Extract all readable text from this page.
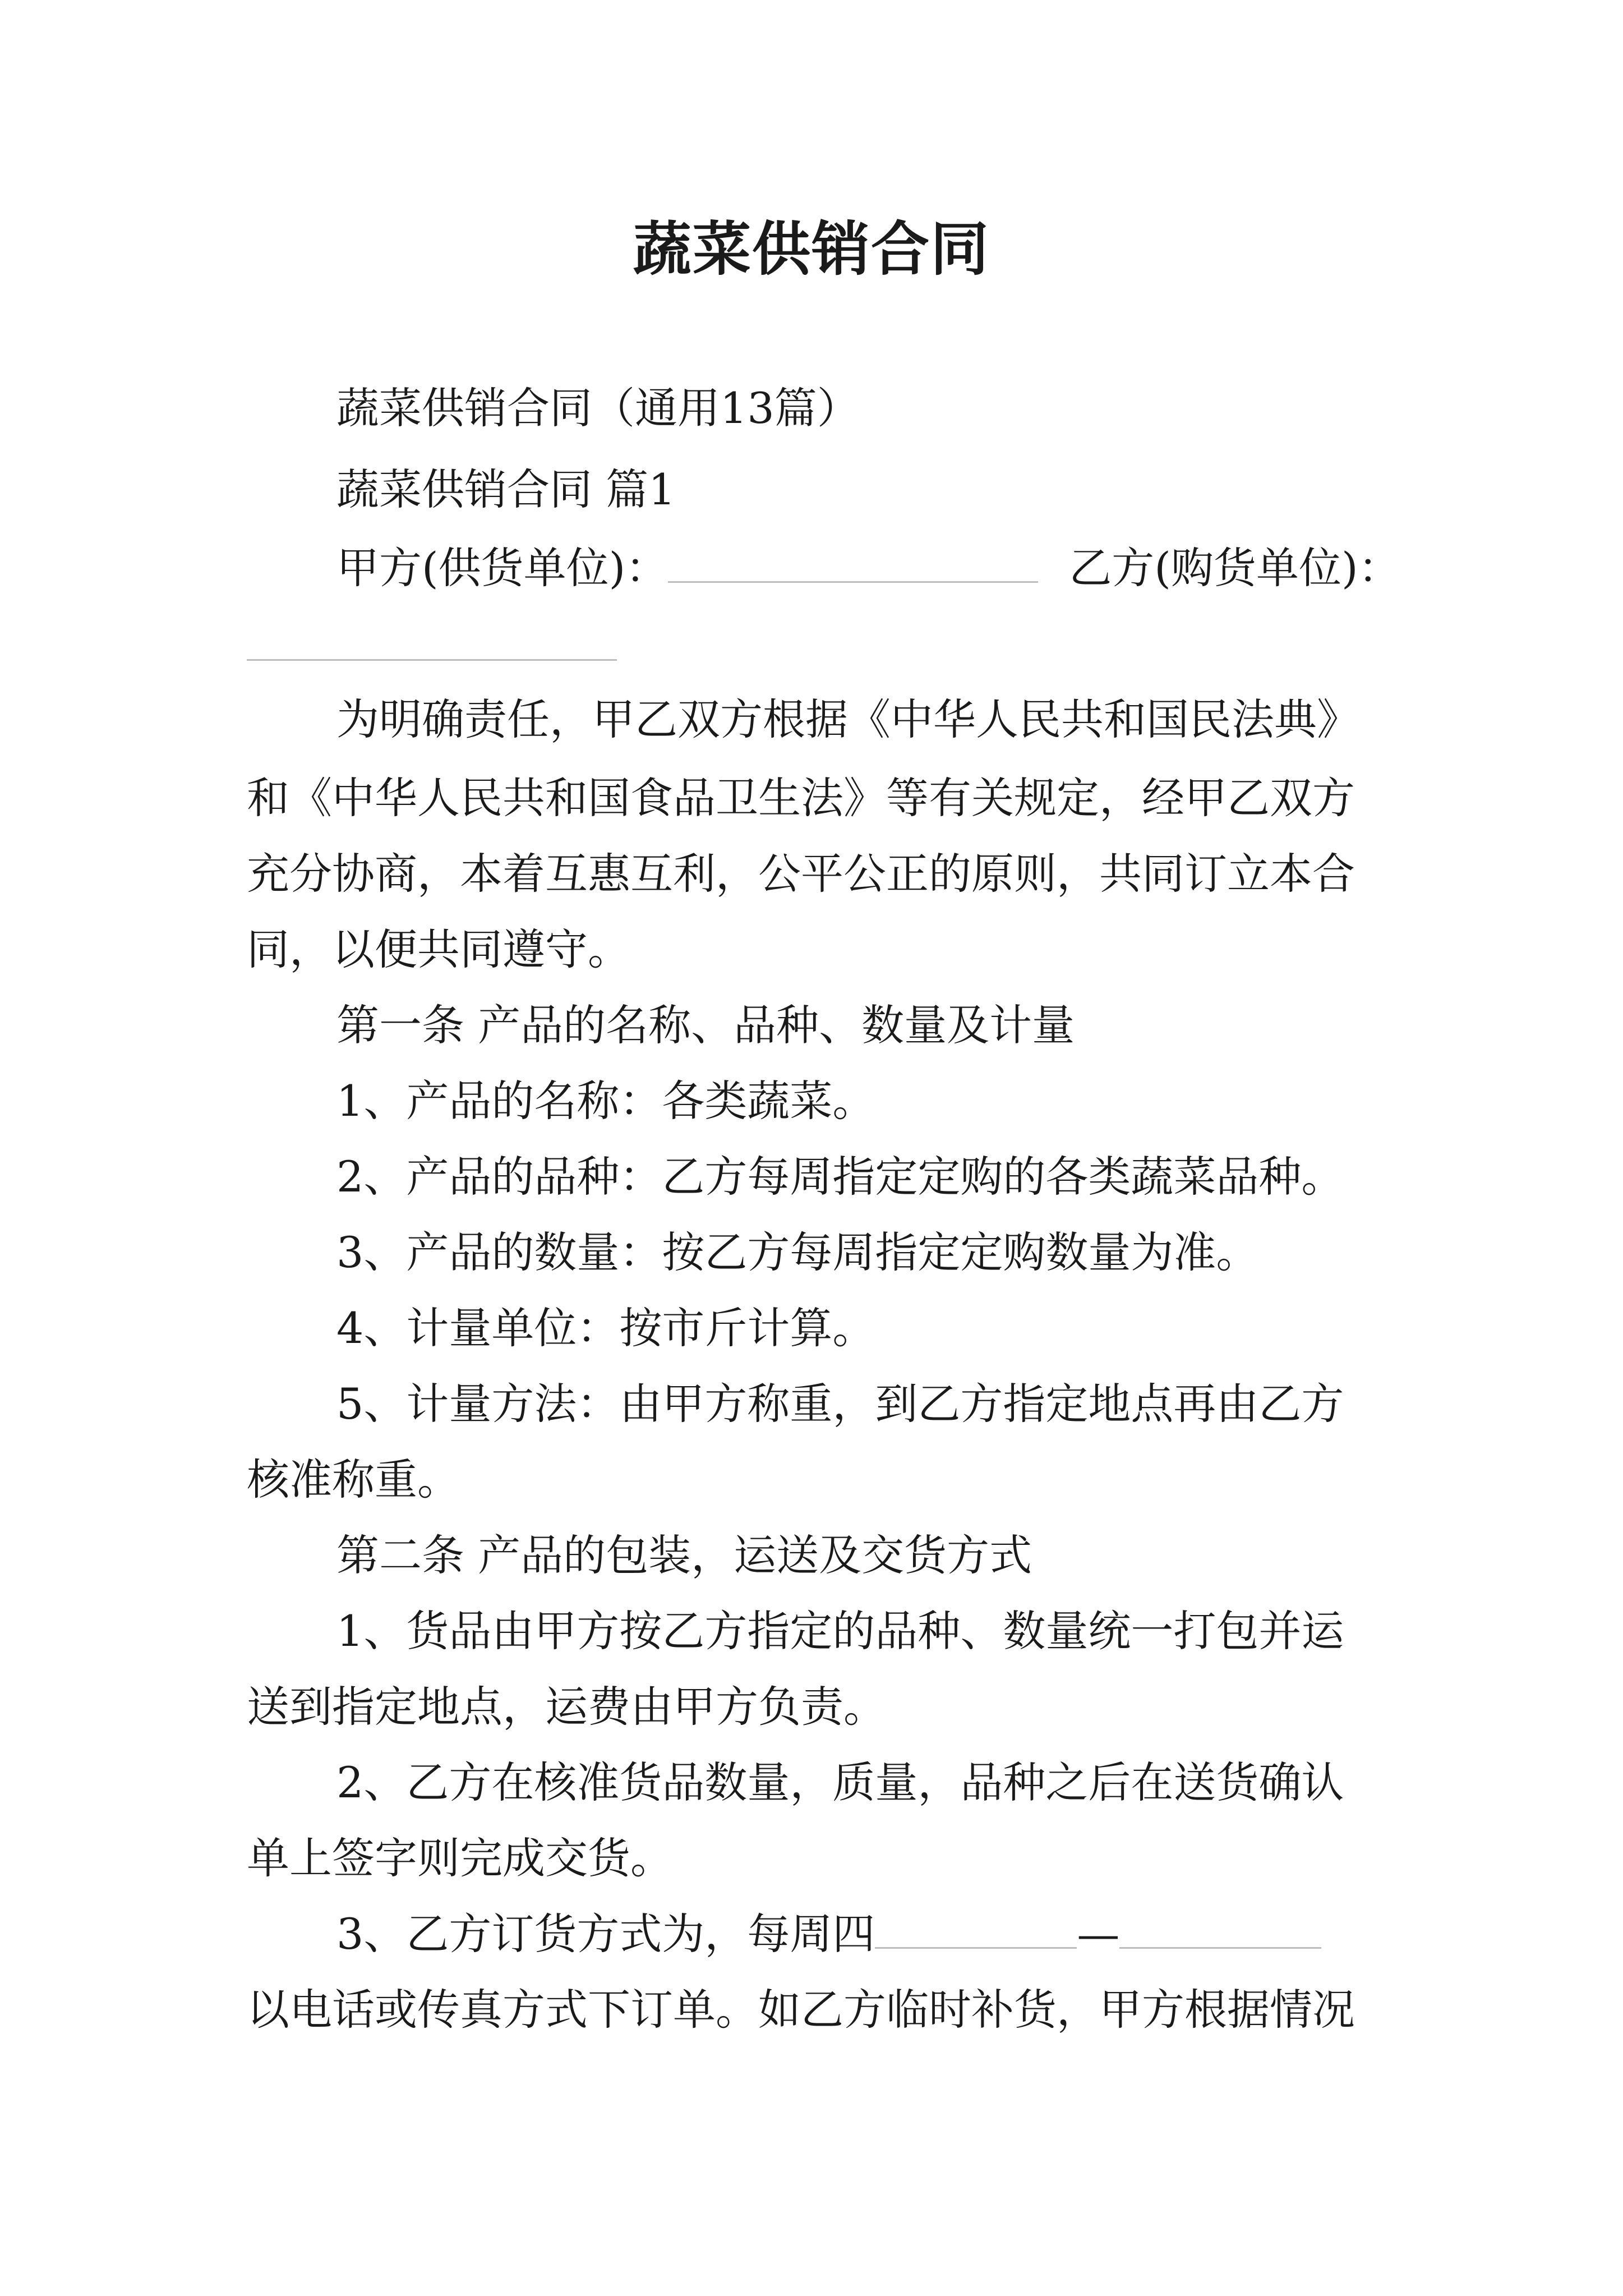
蔬菜供销合同
蔬菜供销合同（通用13篇）
蔬菜供销合同 篇1
甲方(供货单位)：	乙方(购货单位)：
为明确责任，甲乙双方根据《中华人民共和国民法典》
和《中华人民共和国食品卫生法》等有关规定，经甲乙双方
充分协商，本着互惠互利，公平公正的原则，共同订立本合
同，以便共同遵守。
第一条 产品的名称、品种、数量及计量
1、产品的名称：各类蔬菜。
2、产品的品种：乙方每周指定定购的各类蔬菜品种。
3、产品的数量：按乙方每周指定定购数量为准。
4、计量单位：按市斤计算。
5、计量方法：由甲方称重，到乙方指定地点再由乙方
核准称重。
第二条 产品的包装，运送及交货方式
1、货品由甲方按乙方指定的品种、数量统一打包并运
送到指定地点，运费由甲方负责。
2、乙方在核准货品数量，质量，品种之后在送货确认
单上签字则完成交货。
3、乙方订货方式为，每周四	—
以电话或传真方式下订单。如乙方临时补货，甲方根据情况
